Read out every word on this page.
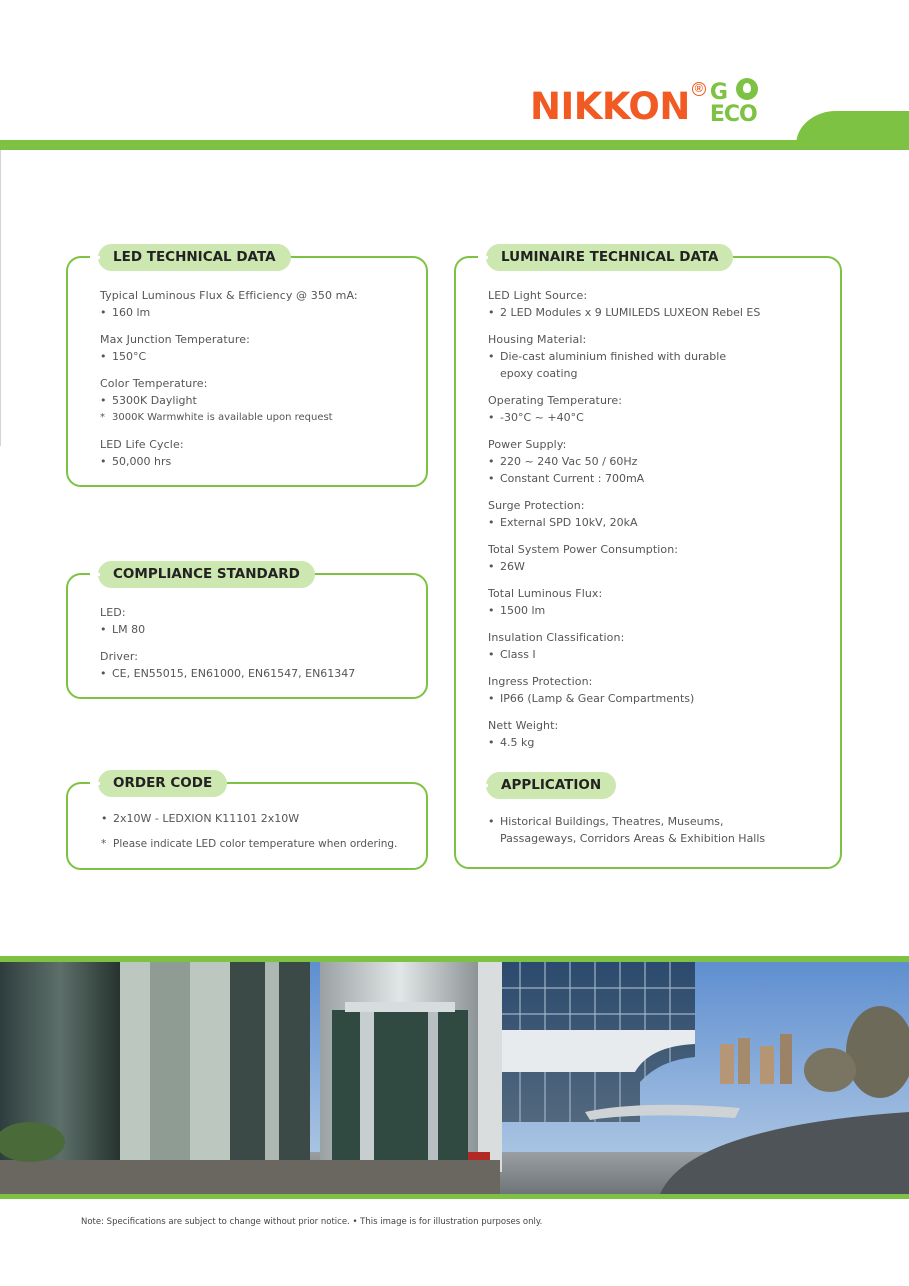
NIKKON ® G
ECO
LED TECHNICAL DATA
Typical Luminous Flux & Efficiency @ 350 mA:
• 160 lm
Max Junction Temperature:
• 150°C
Color Temperature:
• 5300K Daylight
* 3000K Warmwhite is available upon request
LED Life Cycle:
• 50,000 hrs
COMPLIANCE STANDARD
LED:
• LM 80
Driver:
• CE, EN55015, EN61000, EN61547, EN61347
ORDER CODE
• 2x10W - LEDXION K11101 2x10W
* Please indicate LED color temperature when ordering.
LUMINAIRE TECHNICAL DATA
LED Light Source:
• 2 LED Modules x 9 LUMILEDS LUXEON Rebel ES
Housing Material:
• Die-cast aluminium finished with durable
epoxy coating
Operating Temperature:
• -30°C ~ +40°C
Power Supply:
• 220 ~ 240 Vac 50 / 60Hz
• Constant Current : 700mA
Surge Protection:
• External SPD 10kV, 20kA
Total System Power Consumption:
• 26W
Total Luminous Flux:
• 1500 lm
Insulation Classification:
• Class I
Ingress Protection:
• IP66 (Lamp & Gear Compartments)
Nett Weight:
• 4.5 kg
APPLICATION
• Historical Buildings, Theatres, Museums,
Passageways, Corridors Areas & Exhibition Halls
Note: Specifications are subject to change without prior notice. • This image is for illustration purposes only.
